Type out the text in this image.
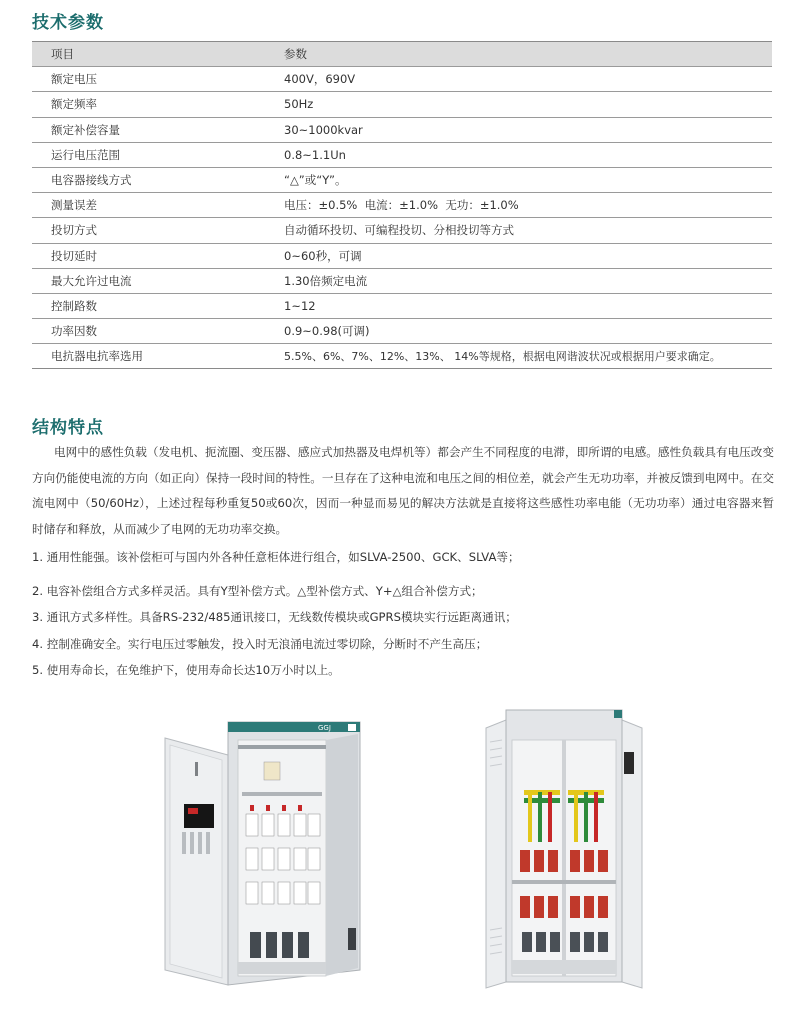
技术参数
项目	参数
额定电压	400V，690V
额定频率	50Hz
额定补偿容量	30~1000kvar
运行电压范围	0.8~1.1Un
电容器接线方式	“△”或“Y”。
测量误差	电压：±0.5%  电流：±1.0%  无功：±1.0%
投切方式	自动循环投切、可编程投切、分相投切等方式
投切延时	0~60秒，可调
最大允许过电流	1.30倍频定电流
控制路数	1~12
功率因数	0.9~0.98(可调)
电抗器电抗率选用	5.5%、6%、7%、12%、13%、 14%等规格，根据电网谐波状况或根据用户要求确定。
结构特点

电网中的感性负载（发电机、扼流圈、变压器、感应式加热器及电焊机等）都会产生不同程度的电滞，即所谓的电感。感性负载具有电压改变方向仍能使电流的方向（如正向）保持一段时间的特性。一旦存在了这种电流和电压之间的相位差，就会产生无功功率，并被反馈到电网中。在交流电网中（50/60Hz），上述过程每秒重复50或60次，因而一种显而易见的解决方法就是直接将这些感性功率电能（无功功率）通过电容器来暂时储存和释放，从而减少了电网的无功功率交换。

1. 通用性能强。该补偿柜可与国内外各种任意柜体进行组合，如SLVA-2500、GCK、SLVA等；

2. 电容补偿组合方式多样灵活。具有Y型补偿方式。△型补偿方式、Y+△组合补偿方式；

3. 通讯方式多样性。具备RS-232/485通讯接口，无线数传模块或GPRS模块实行远距离通讯；

4. 控制准确安全。实行电压过零触发，投入时无浪涌电流过零切除，分断时不产生高压；

5. 使用寿命长，在免维护下，使用寿命长达10万小时以上。

GGJ
